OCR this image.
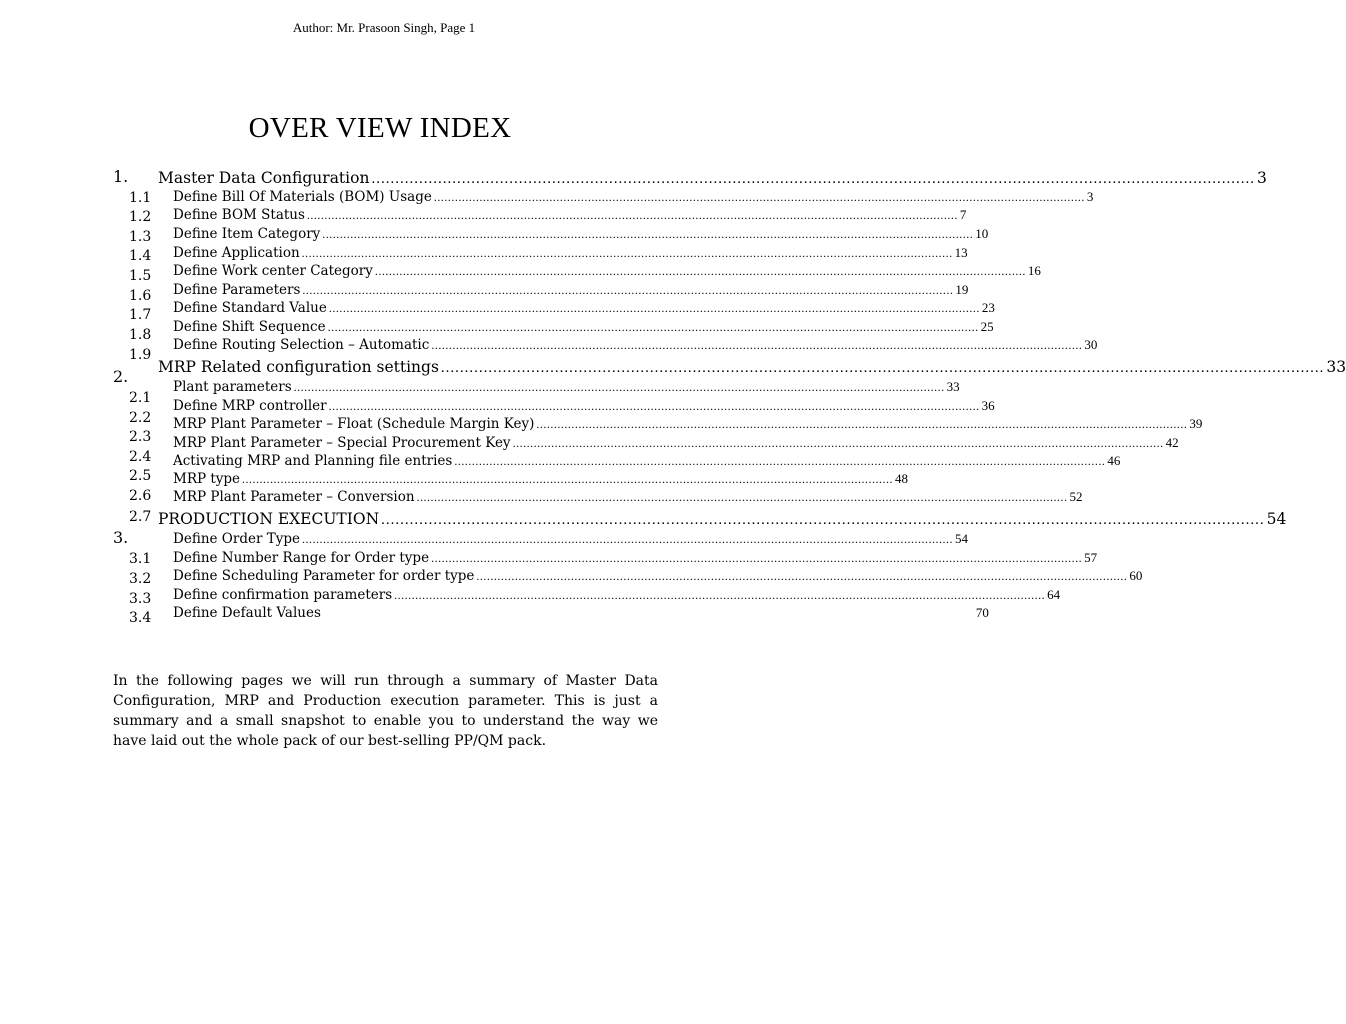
Author: Mr. Prasoon Singh, Page 1
OVER VIEW INDEX
1.
1.1
1.2
1.3
1.4
1.5
1.6
1.7
1.8
1.9
2.
2.1
2.2
2.3
2.4
2.5
2.6
2.7
3.
3.1
3.2
3.3
3.4
Master Data Configuration .......................................................................................................................................................................................... 3
Define Bill Of Materials (BOM) Usage .......................................................................................................................................................................................... 3
Define BOM Status .......................................................................................................................................................................................... 7
Define Item Category .......................................................................................................................................................................................... 10
Define Application .......................................................................................................................................................................................... 13
Define Work center Category .......................................................................................................................................................................................... 16
Define Parameters .......................................................................................................................................................................................... 19
Define Standard Value .......................................................................................................................................................................................... 23
Define Shift Sequence .......................................................................................................................................................................................... 25
Define Routing Selection – Automatic .......................................................................................................................................................................................... 30
MRP Related configuration settings .......................................................................................................................................................................................... 33
Plant parameters .......................................................................................................................................................................................... 33
Define MRP controller .......................................................................................................................................................................................... 36
MRP Plant Parameter – Float (Schedule Margin Key) .......................................................................................................................................................................................... 39
MRP Plant Parameter – Special Procurement Key .......................................................................................................................................................................................... 42
Activating MRP and Planning file entries .......................................................................................................................................................................................... 46
MRP type .......................................................................................................................................................................................... 48
MRP Plant Parameter – Conversion .......................................................................................................................................................................................... 52
PRODUCTION EXECUTION .......................................................................................................................................................................................... 54
Define Order Type .......................................................................................................................................................................................... 54
Define Number Range for Order type .......................................................................................................................................................................................... 57
Define Scheduling Parameter for order type .......................................................................................................................................................................................... 60
Define confirmation parameters .......................................................................................................................................................................................... 64
Define Default Values	70

In the following pages we will run through a summary of Master Data Configuration, MRP and Production execution parameter. This is just a summary and a small snapshot to enable you to understand the way we have laid out the whole pack of our best-selling PP/QM pack.
